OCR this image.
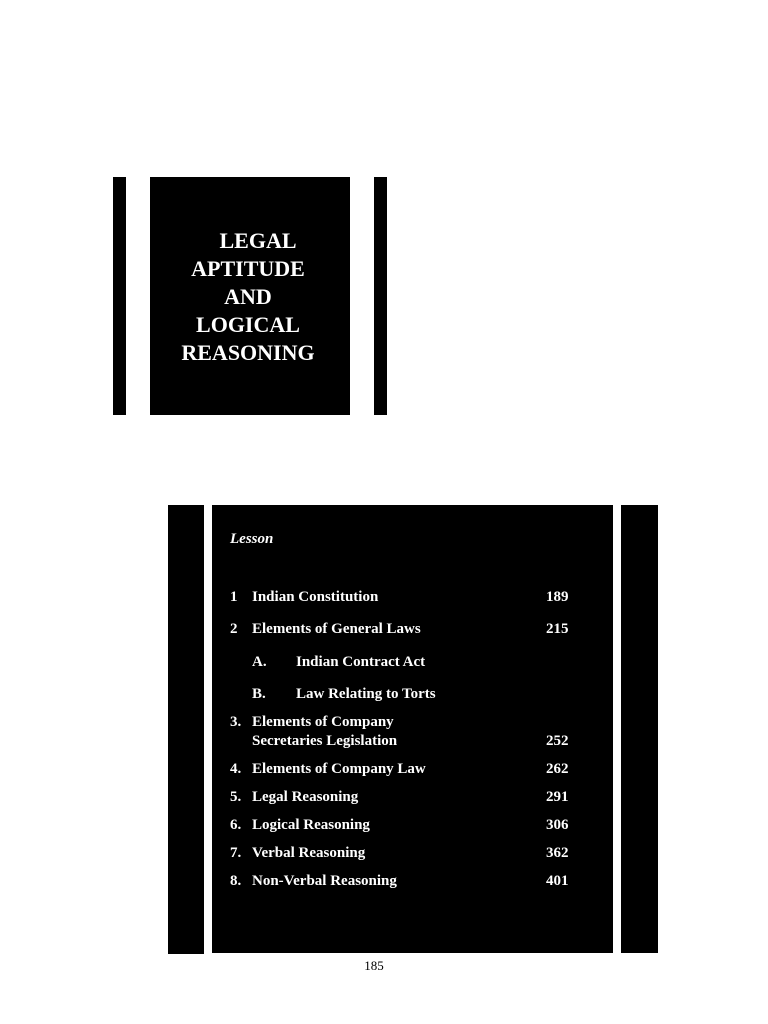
LEGAL
APTITUDE
AND
LOGICAL
REASONING
Lesson
1 Indian Constitution	189
2 Elements of General Laws	215
A. Indian Contract Act
B. Law Relating to Torts
3. Elements of Company
Secretaries Legislation	252
4. Elements of Company Law	262
5. Legal Reasoning	291
6. Logical Reasoning	306
7. Verbal Reasoning	362
8. Non-Verbal Reasoning	401
185
